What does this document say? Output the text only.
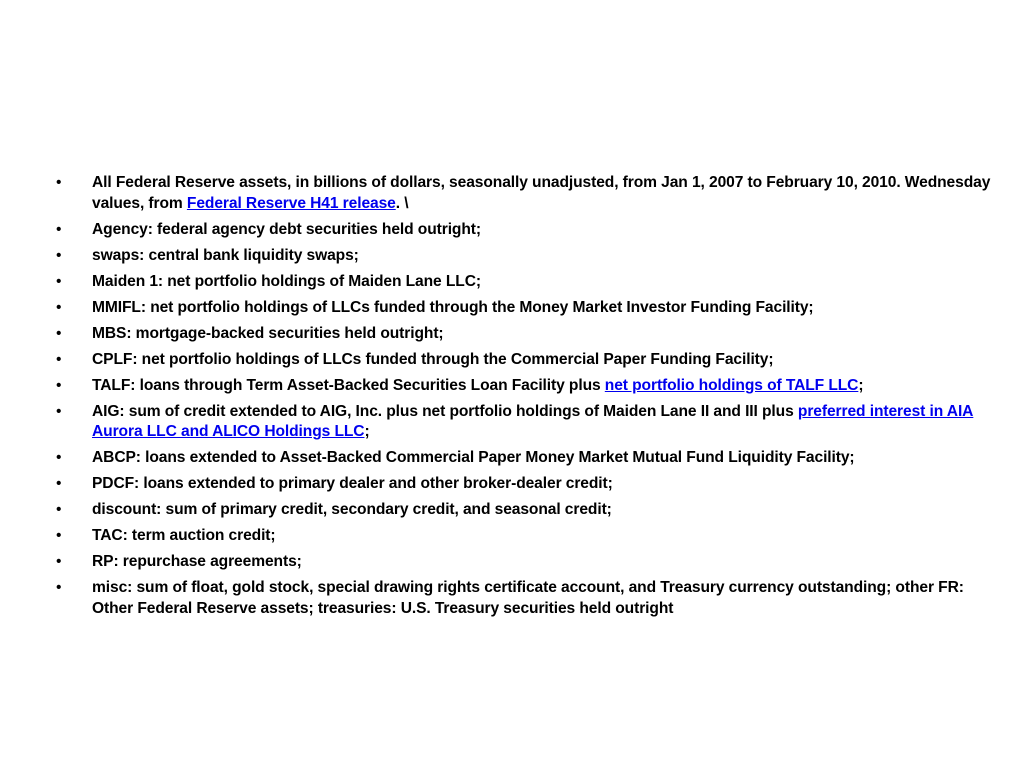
•	All Federal Reserve assets, in billions of dollars, seasonally unadjusted, from Jan 1, 2007 to February 10, 2010. Wednesday values, from Federal Reserve H41 release. \
•	Agency: federal agency debt securities held outright;
•	swaps: central bank liquidity swaps;
•	Maiden 1: net portfolio holdings of Maiden Lane LLC;
•	MMIFL: net portfolio holdings of LLCs funded through the Money Market Investor Funding Facility;
•	MBS: mortgage-backed securities held outright;
•	CPLF: net portfolio holdings of LLCs funded through the Commercial Paper Funding Facility;
•	TALF: loans through Term Asset-Backed Securities Loan Facility plus net portfolio holdings of TALF LLC;
•	AIG: sum of credit extended to AIG, Inc. plus net portfolio holdings of Maiden Lane II and III plus preferred interest in AIA Aurora LLC and ALICO Holdings LLC;
•	ABCP: loans extended to Asset-Backed Commercial Paper Money Market Mutual Fund Liquidity Facility;
•	PDCF: loans extended to primary dealer and other broker-dealer credit;
•	discount: sum of primary credit, secondary credit, and seasonal credit;
•	TAC: term auction credit;
•	RP: repurchase agreements;
•	misc: sum of float, gold stock, special drawing rights certificate account, and Treasury currency outstanding; other FR: Other Federal Reserve assets; treasuries: U.S. Treasury securities held outright
